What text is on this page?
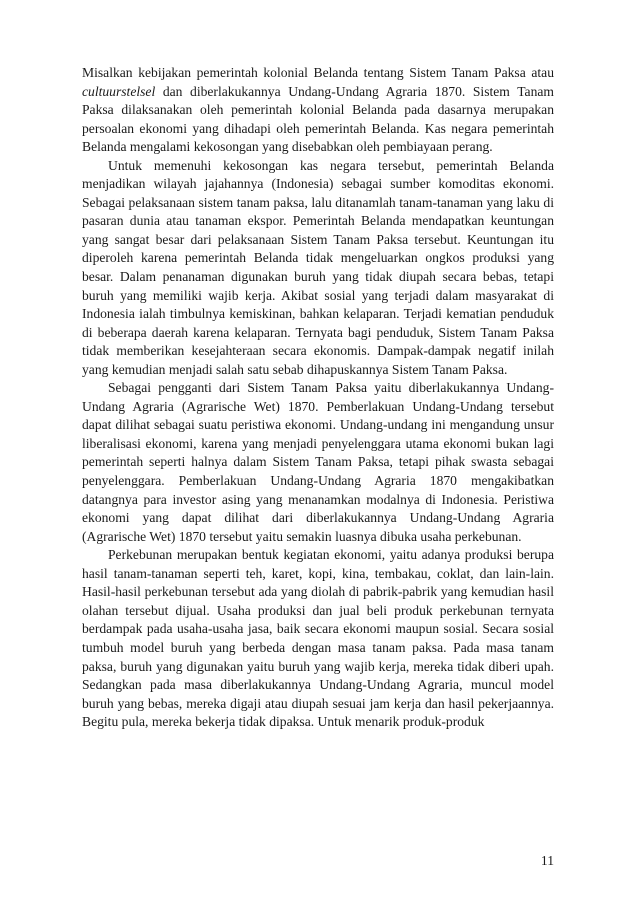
Misalkan kebijakan pemerintah kolonial Belanda tentang Sistem Tanam Paksa atau cultuurstelsel dan diberlakukannya Undang-Undang Agraria 1870. Sistem Tanam Paksa dilaksanakan oleh pemerintah kolonial Belanda pada dasarnya merupakan persoalan ekonomi yang dihadapi oleh pemerintah Belanda. Kas negara pemerintah Belanda mengalami kekosongan yang disebabkan oleh pembiayaan perang.

Untuk memenuhi kekosongan kas negara tersebut, pemerintah Belanda menjadikan wilayah jajahannya (Indonesia) sebagai sumber komoditas ekonomi. Sebagai pelaksanaan sistem tanam paksa, lalu ditanamlah tanam-tanaman yang laku di pasaran dunia atau tanaman ekspor. Pemerintah Belanda mendapatkan keuntungan yang sangat besar dari pelaksanaan Sistem Tanam Paksa tersebut. Keuntungan itu diperoleh karena pemerintah Belanda tidak mengeluarkan ongkos produksi yang besar. Dalam penanaman digunakan buruh yang tidak diupah secara bebas, tetapi buruh yang memiliki wajib kerja. Akibat sosial yang terjadi dalam masyarakat di Indonesia ialah timbulnya kemiskinan, bahkan kelaparan. Terjadi kematian penduduk di beberapa daerah karena kelaparan. Ternyata bagi penduduk, Sistem Tanam Paksa tidak memberikan kesejahteraan secara ekonomis. Dampak-dampak negatif inilah yang kemudian menjadi salah satu sebab dihapuskannya Sistem Tanam Paksa.

Sebagai pengganti dari Sistem Tanam Paksa yaitu diberlakukannya Undang-Undang Agraria (Agrarische Wet) 1870. Pemberlakuan Undang-Undang tersebut dapat dilihat sebagai suatu peristiwa ekonomi. Undang-undang ini mengandung unsur liberalisasi ekonomi, karena yang menjadi penyelenggara utama ekonomi bukan lagi pemerintah seperti halnya dalam Sistem Tanam Paksa, tetapi pihak swasta sebagai penyelenggara. Pemberlakuan Undang-Undang Agraria 1870 mengakibatkan datangnya para investor asing yang menanamkan modalnya di Indonesia. Peristiwa ekonomi yang dapat dilihat dari diberlakukannya Undang-Undang Agraria (Agrarische Wet) 1870 tersebut yaitu semakin luasnya dibuka usaha perkebunan.

Perkebunan merupakan bentuk kegiatan ekonomi, yaitu adanya produksi berupa hasil tanam-tanaman seperti teh, karet, kopi, kina, tembakau, coklat, dan lain-lain. Hasil-hasil perkebunan tersebut ada yang diolah di pabrik-pabrik yang kemudian hasil olahan tersebut dijual. Usaha produksi dan jual beli produk perkebunan ternyata berdampak pada usaha-usaha jasa, baik secara ekonomi maupun sosial. Secara sosial tumbuh model buruh yang berbeda dengan masa tanam paksa. Pada masa tanam paksa, buruh yang digunakan yaitu buruh yang wajib kerja, mereka tidak diberi upah. Sedangkan pada masa diberlakukannya Undang-Undang Agraria, muncul model buruh yang bebas, mereka digaji atau diupah sesuai jam kerja dan hasil pekerjaannya. Begitu pula, mereka bekerja tidak dipaksa. Untuk menarik produk-produk

11
